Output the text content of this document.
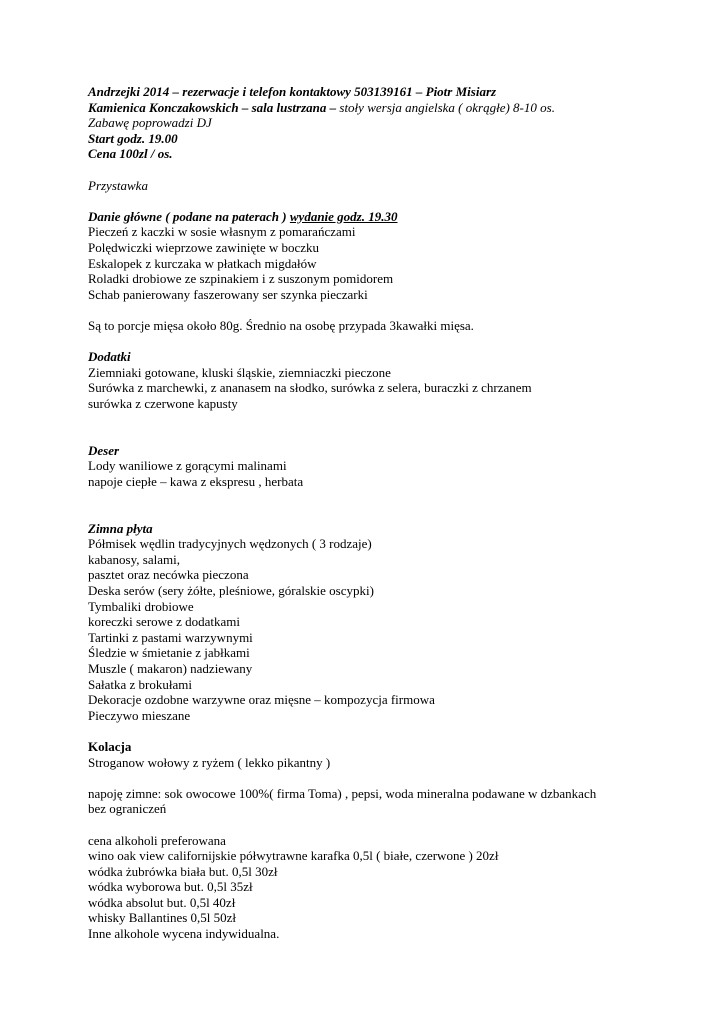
Andrzejki 2014 – rezerwacje i telefon kontaktowy 503139161 – Piotr Misiarz
Kamienica Konczakowskich – sala lustrzana – stoły wersja angielska ( okrągłe) 8-10 os.
Zabawę poprowadzi DJ
Start godz. 19.00
Cena 100zl / os.
Przystawka
Danie główne ( podane na paterach ) wydanie godz. 19.30
Pieczeń z kaczki w sosie własnym z pomarańczami
Polędwiczki wieprzowe zawinięte w boczku
Eskalopek z kurczaka w płatkach migdałów
Roladki drobiowe ze szpinakiem i z suszonym pomidorem
Schab panierowany faszerowany ser szynka pieczarki
Są to porcje mięsa około 80g. Średnio na osobę przypada 3kawałki mięsa.
Dodatki
Ziemniaki gotowane, kluski śląskie, ziemniaczki pieczone
Surówka z marchewki, z ananasem na słodko, surówka z selera, buraczki z chrzanem
surówka z czerwone kapusty
Deser
Lody waniliowe z gorącymi malinami
napoje ciepłe – kawa z ekspresu , herbata
Zimna płyta
Półmisek wędlin tradycyjnych wędzonych ( 3 rodzaje)
kabanosy, salami,
pasztet oraz necówka pieczona
Deska serów (sery żółte, pleśniowe, góralskie oscypki)
Tymbaliki drobiowe
koreczki serowe z dodatkami
Tartinki z pastami warzywnymi
Śledzie w śmietanie z jabłkami
Muszle ( makaron) nadziewany
Sałatka z brokułami
Dekoracje ozdobne warzywne oraz mięsne – kompozycja firmowa
Pieczywo mieszane
Kolacja
Stroganow wołowy z ryżem ( lekko pikantny )
napoję zimne: sok owocowe 100%( firma Toma) , pepsi, woda mineralna podawane w dzbankach
bez ograniczeń
cena alkoholi preferowana
wino oak view californijskie półwytrawne karafka 0,5l ( białe, czerwone ) 20zł
wódka żubrówka biała but. 0,5l 30zł
wódka wyborowa but. 0,5l 35zł
wódka absolut but. 0,5l 40zł
whisky Ballantines 0,5l 50zł
Inne alkohole wycena indywidualna.
